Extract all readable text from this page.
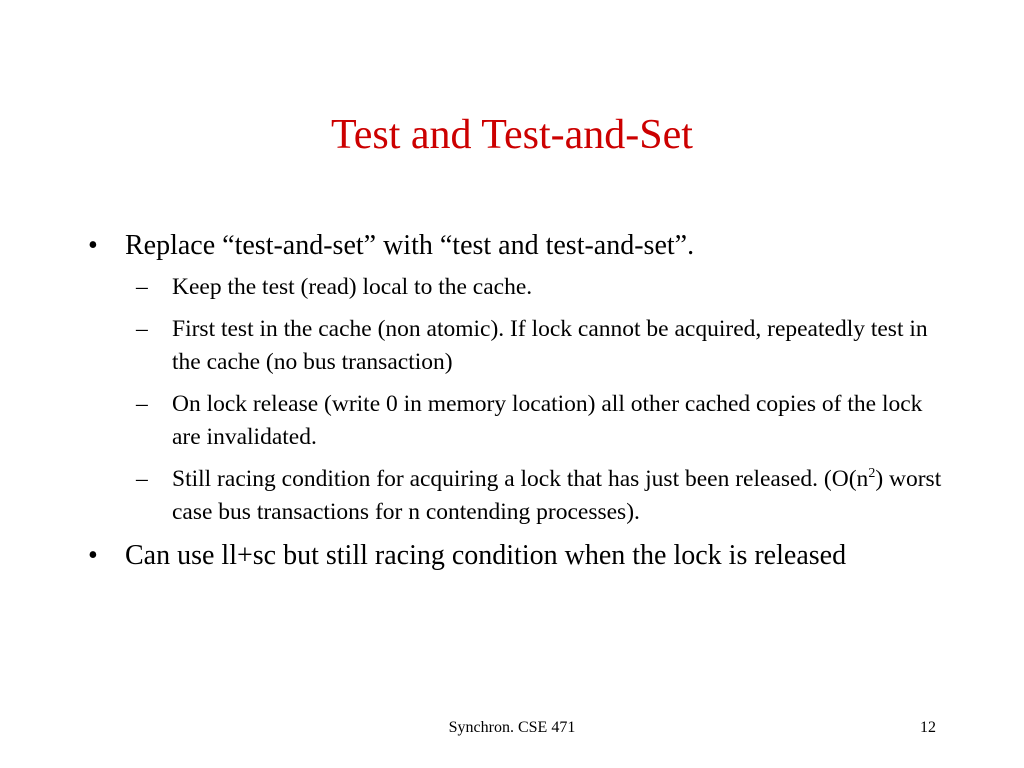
Test and Test-and-Set
• Replace “test-and-set” with “test and test-and-set”.
–	Keep the test (read) local to the cache.
–	First test in the cache (non atomic). If lock cannot be acquired, repeatedly test in the cache (no bus transaction)
–	On lock release (write 0 in memory location) all other cached copies of the lock are invalidated.
–	Still racing condition for acquiring a lock that has just been released. ($O(n^2)$ worst case bus transactions for n contending processes).
• Can use ll+sc but still racing condition when the lock is released
Synchron. CSE 471	12
